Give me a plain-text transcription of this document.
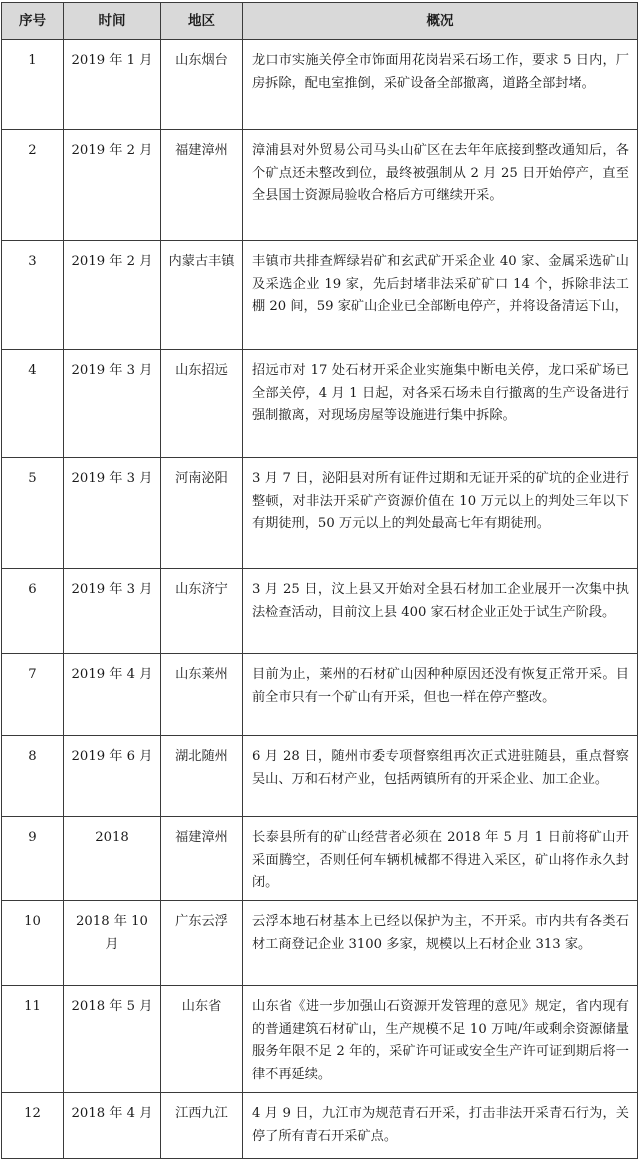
序号	时间	地区	概况
1	2019 年 1 月	山东烟台	龙口市实施关停全市饰面用花岗岩采石场工作，要求 5 日内，厂房拆除，配电室推倒，采矿设备全部撤离，道路全部封堵。
2	2019 年 2 月	福建漳州	漳浦县对外贸易公司马头山矿区在去年年底接到整改通知后，各个矿点还未整改到位，最终被强制从 2 月 25 日开始停产，直至全县国士资源局验收合格后方可继续开采。
3	2019 年 2 月	内蒙古丰镇	丰镇市共排查辉绿岩矿和玄武矿开采企业 40 家、金属采选矿山及采选企业 19 家，先后封堵非法采矿矿口 14 个，拆除非法工棚 20 间，59 家矿山企业已全部断电停产，并将设备清运下山，
4	2019 年 3 月	山东招远	招远市对 17 处石材开采企业实施集中断电关停，龙口采矿场已全部关停，4 月 1 日起，对各采石场未自行撤离的生产设备进行强制撤离，对现场房屋等设施进行集中拆除。
5	2019 年 3 月	河南泌阳	3 月 7 日，泌阳县对所有证件过期和无证开采的矿坑的企业进行整顿，对非法开采矿产资源价值在 10 万元以上的判处三年以下有期徒刑，50 万元以上的判处最高七年有期徒刑。
6	2019 年 3 月	山东济宁	3 月 25 日，汶上县又开始对全县石材加工企业展开一次集中执法检查活动，目前汶上县 400 家石材企业正处于试生产阶段。
7	2019 年 4 月	山东莱州	目前为止，莱州的石材矿山因种种原因还没有恢复正常开采。目前全市只有一个矿山有开采，但也一样在停产整改。
8	2019 年 6 月	湖北随州	6 月 28 日，随州市委专项督察组再次正式进驻随县，重点督察吴山、万和石材产业，包括两镇所有的开采企业、加工企业。
9	2018	福建漳州	长泰县所有的矿山经营者必须在 2018 年 5 月 1 日前将矿山开采面腾空，否则任何车辆机械都不得进入采区，矿山将作永久封闭。
10	2018 年 10 月	广东云浮	云浮本地石材基本上已经以保护为主，不开采。市内共有各类石材工商登记企业 3100 多家，规模以上石材企业 313 家。
11	2018 年 5 月	山东省	山东省《进一步加强山石资源开发管理的意见》规定，省内现有的普通建筑石材矿山，生产规模不足 10 万吨/年或剩余资源储量服务年限不足 2 年的，采矿许可证或安全生产许可证到期后将一律不再延续。
12	2018 年 4 月	江西九江	4 月 9 日，九江市为规范青石开采，打击非法开采青石行为，关停了所有青石开采矿点。
